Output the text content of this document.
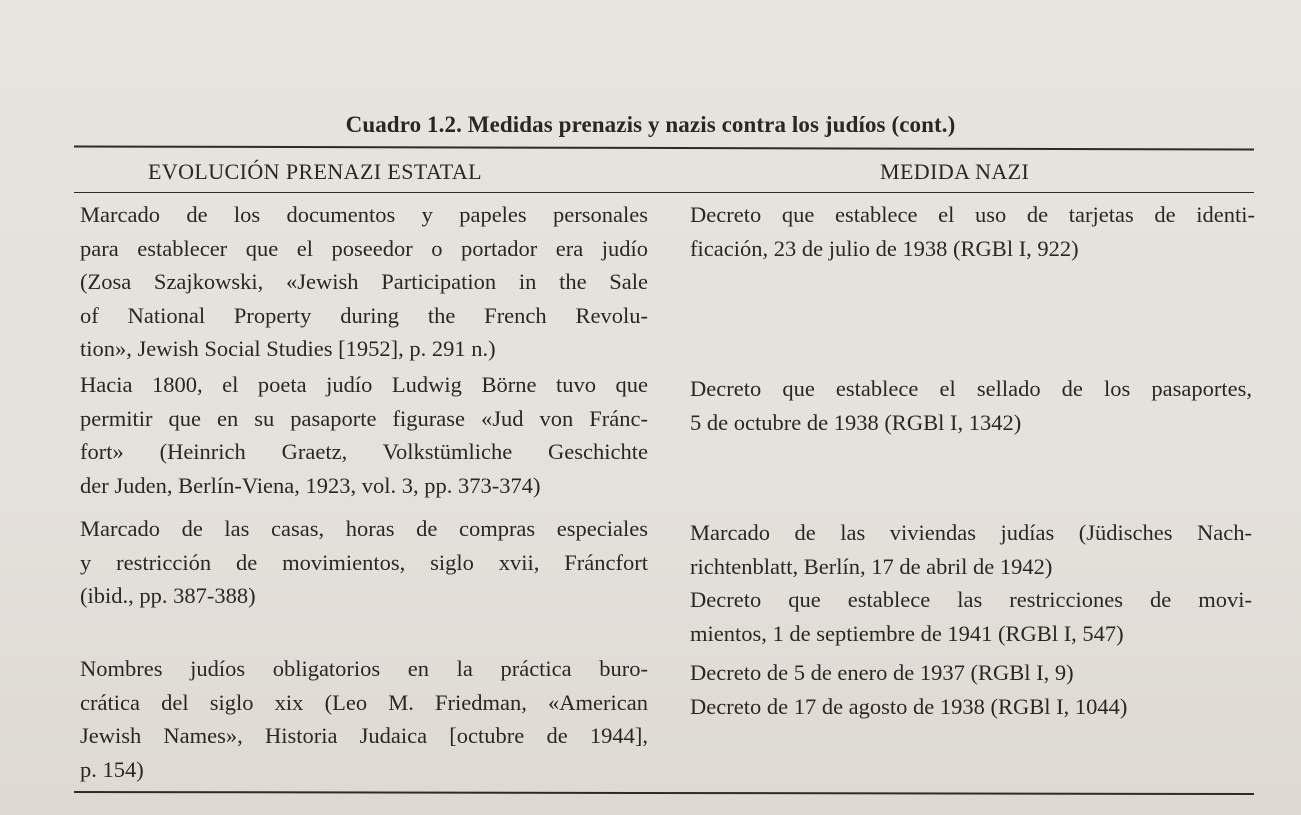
Cuadro 1.2. Medidas prenazis y nazis contra los judíos (cont.)
EVOLUCIÓN PRENAZI ESTATAL	MEDIDA NAZI
Marcado de los documentos y papeles personales
para establecer que el poseedor o portador era judío
(Zosa Szajkowski, «Jewish Participation in the Sale
of National Property during the French Revolu-
tion», Jewish Social Studies [1952], p. 291 n.)
Decreto que establece el uso de tarjetas de identi-
ficación, 23 de julio de 1938 (RGBl I, 922)
Hacia 1800, el poeta judío Ludwig Börne tuvo que
permitir que en su pasaporte figurase «Jud von Fránc-
fort» (Heinrich Graetz, Volkstümliche Geschichte
der Juden, Berlín-Viena, 1923, vol. 3, pp. 373-374)
Decreto que establece el sellado de los pasaportes,
5 de octubre de 1938 (RGBl I, 1342)
Marcado de las casas, horas de compras especiales
y restricción de movimientos, siglo xvii, Fráncfort
(ibid., pp. 387-388)
Marcado de las viviendas judías (Jüdisches Nach-
richtenblatt, Berlín, 17 de abril de 1942)
Decreto que establece las restricciones de movi-
mientos, 1 de septiembre de 1941 (RGBl I, 547)
Nombres judíos obligatorios en la práctica buro-
crática del siglo xix (Leo M. Friedman, «American
Jewish Names», Historia Judaica [octubre de 1944],
p. 154)
Decreto de 5 de enero de 1937 (RGBl I, 9)
Decreto de 17 de agosto de 1938 (RGBl I, 1044)
